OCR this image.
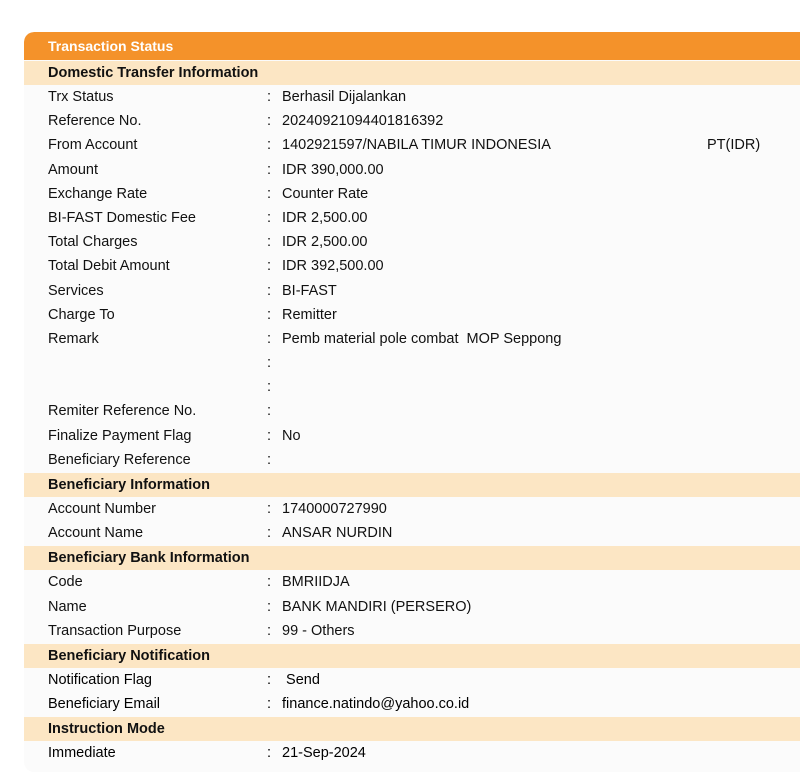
Transaction Status
Domestic Transfer Information
Trx Status	: Berhasil Dijalankan
Reference No.	: 20240921094401816392
From Account	: 1402921597/NABILA TIMUR INDONESIA	PT(IDR)
Amount	: IDR 390,000.00
Exchange Rate	: Counter Rate
BI-FAST Domestic Fee	: IDR 2,500.00
Total Charges	: IDR 2,500.00
Total Debit Amount	: IDR 392,500.00
Services	: BI-FAST
Charge To	: Remitter
Remark	: Pemb material pole combat  MOP Seppong
:
:
Remiter Reference No.	:
Finalize Payment Flag	: No
Beneficiary Reference	:
Beneficiary Information
Account Number	: 1740000727990
Account Name	: ANSAR NURDIN
Beneficiary Bank Information
Code	: BMRIIDJA
Name	: BANK MANDIRI (PERSERO)
Transaction Purpose	: 99 - Others
Beneficiary Notification
Notification Flag	: Send
Beneficiary Email	: finance.natindo@yahoo.co.id
Instruction Mode
Immediate	: 21-Sep-2024
